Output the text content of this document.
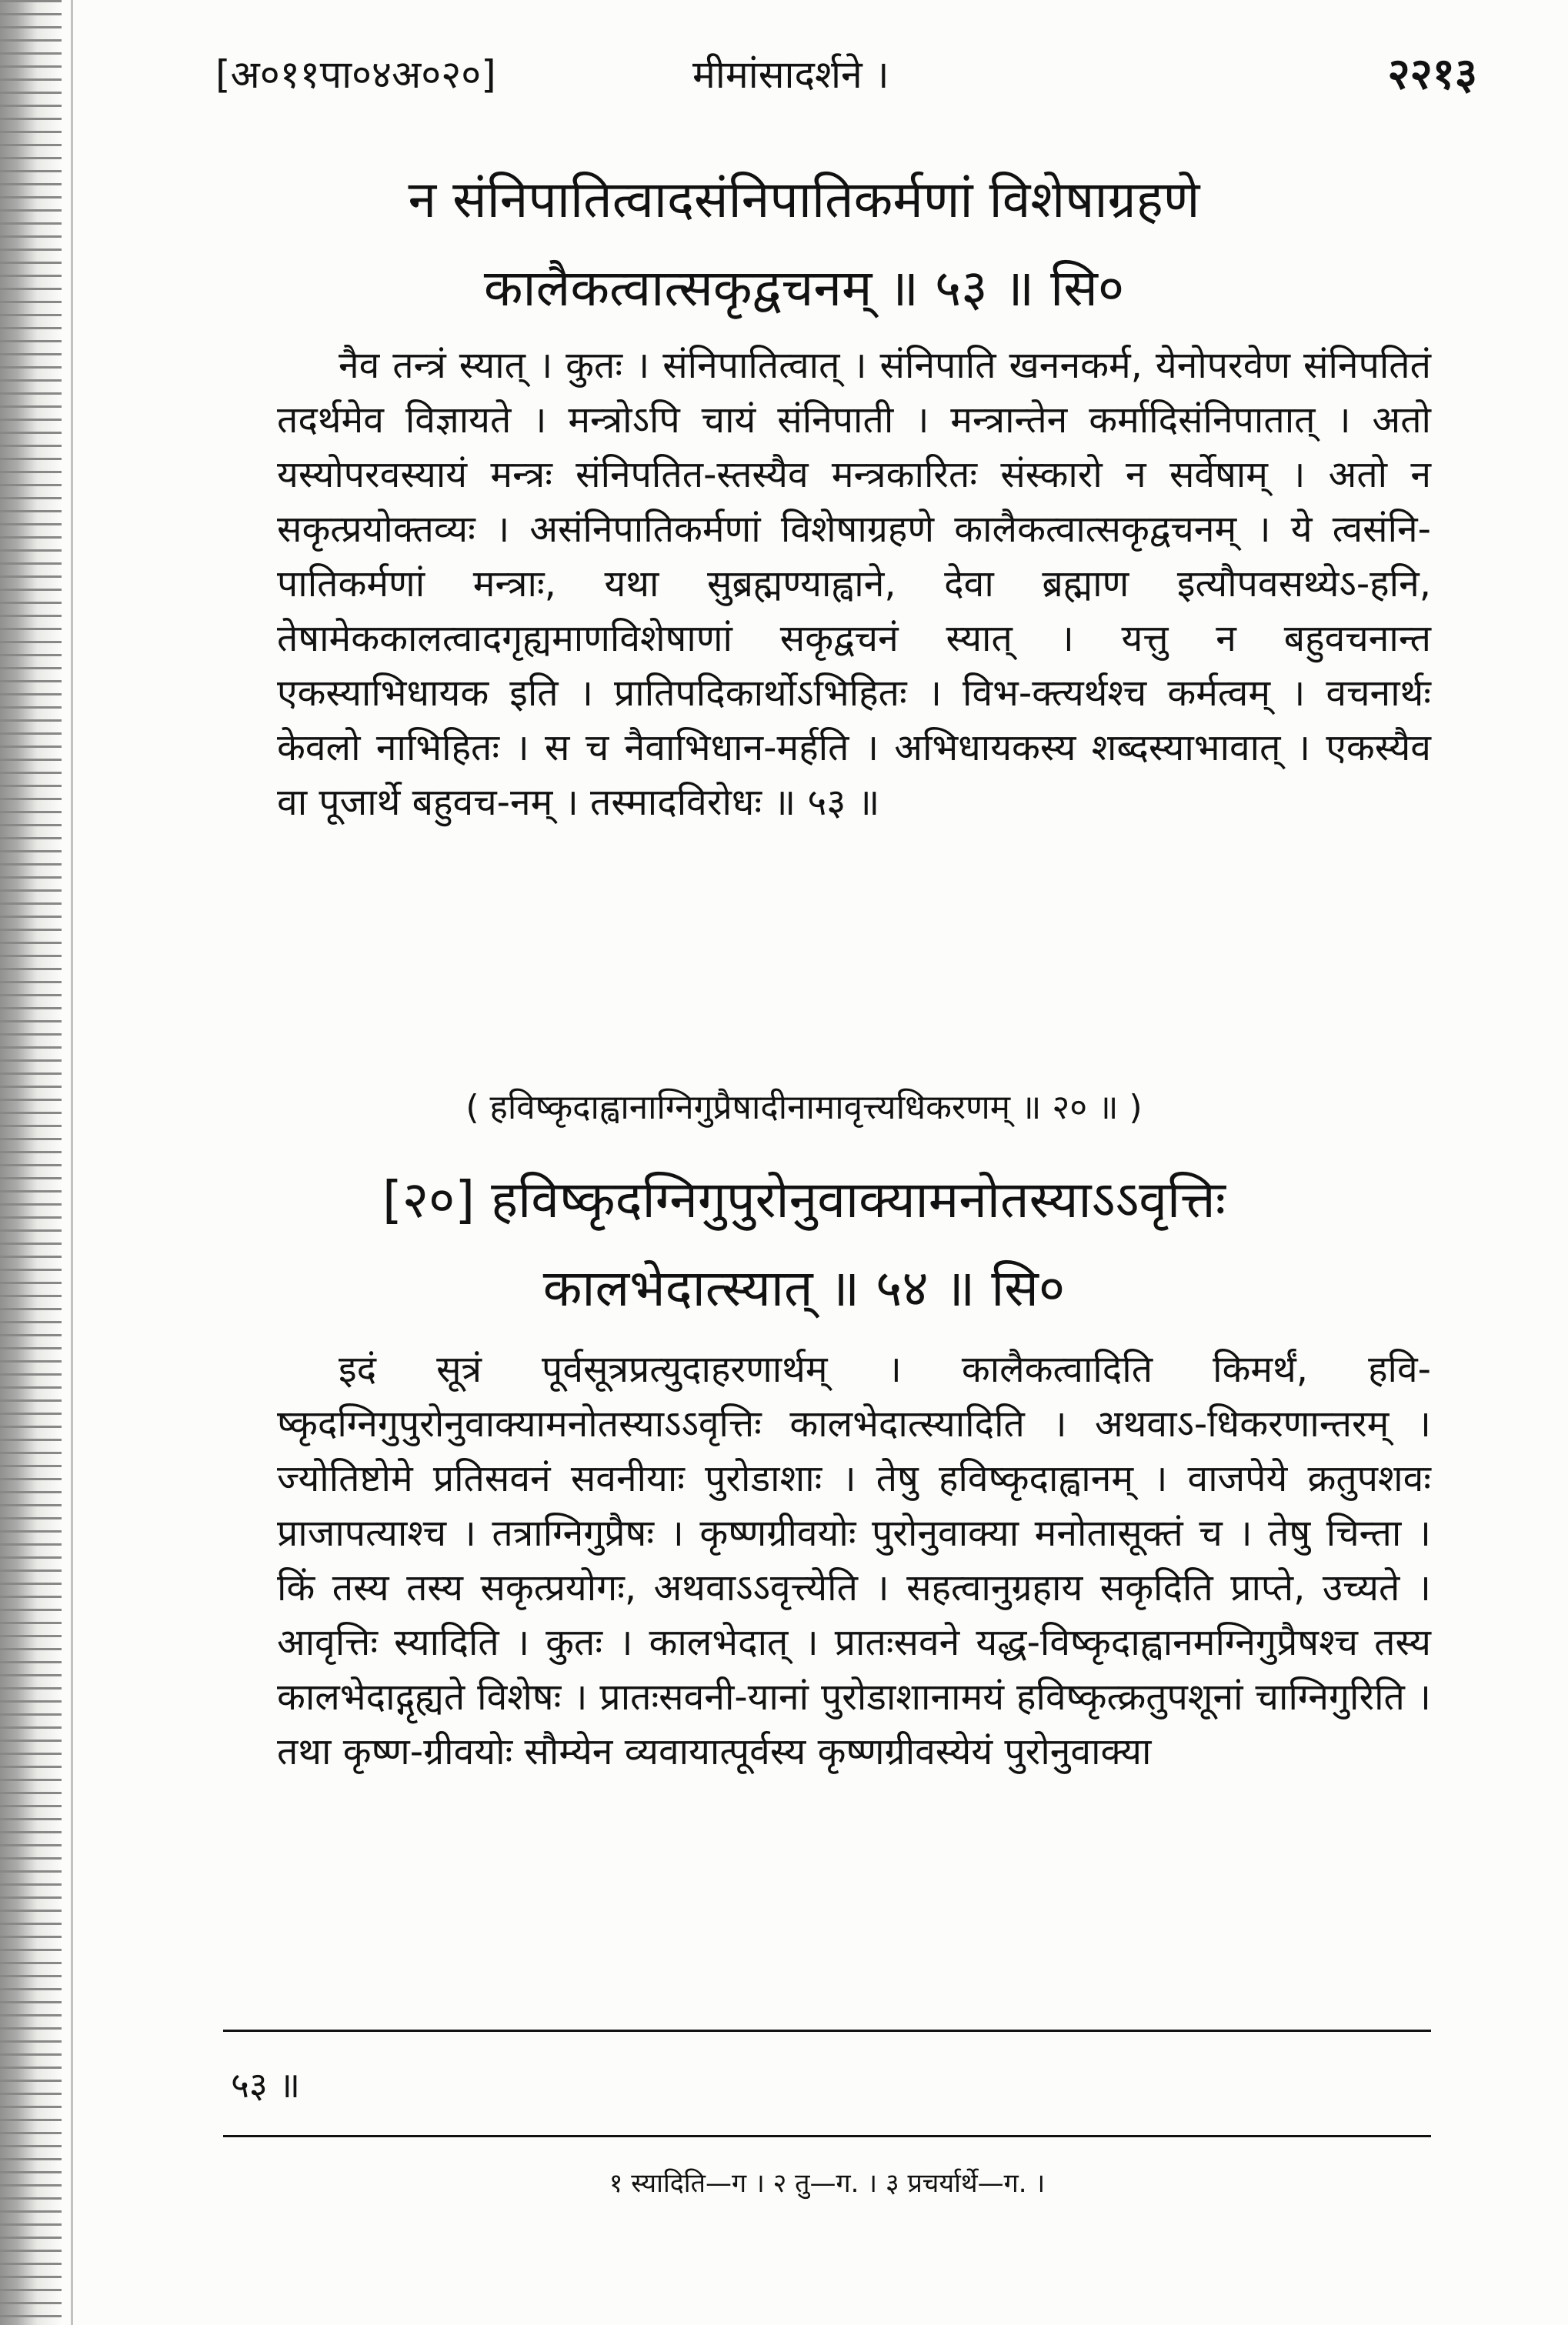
[अ०११पा०४अ०२०]	मीमांसादर्शने ।	२२१३
न संनिपातित्वादसंनिपातिकर्मणां विशेषाग्रहणे
कालैकत्वात्सकृद्वचनम् ॥ ५३ ॥ सि०
नैव तन्त्रं स्यात् । कुतः । संनिपातित्वात् । संनिपाति खननकर्म, येनोपरवेण संनिपतितं तदर्थमेव विज्ञायते । मन्त्रोऽपि चायं संनिपाती । मन्त्रान्तेन कर्मादिसंनिपातात् । अतो यस्योपरवस्यायं मन्त्रः संनिपतित-स्तस्यैव मन्त्रकारितः संस्कारो न सर्वेषाम् । अतो न सकृत्प्रयोक्तव्यः । असंनिपातिकर्मणां विशेषाग्रहणे कालैकत्वात्सकृद्वचनम् । ये त्वसंनि-पातिकर्मणां मन्त्राः, यथा सुब्रह्मण्याह्वाने, देवा ब्रह्माण इत्यौपवसथ्येऽ-हनि, तेषामेककालत्वादगृह्यमाणविशेषाणां सकृद्वचनं स्यात् । यत्तु न बहुवचनान्त एकस्याभिधायक इति । प्रातिपदिकार्थोऽभिहितः । विभ-क्त्यर्थश्च कर्मत्वम् । वचनार्थः केवलो नाभिहितः । स च नैवाभिधान-मर्हति । अभिधायकस्य शब्दस्याभावात् । एकस्यैव वा पूजार्थे बहुवच-नम् । तस्मादविरोधः ॥ ५३ ॥
( हविष्कृदाह्वानाग्निगुप्रैषादीनामावृत्त्यधिकरणम् ॥ २० ॥ )
[२०] हविष्कृदग्निगुपुरोनुवाक्यामनोतस्याऽऽवृत्तिः
कालभेदात्स्यात् ॥ ५४ ॥ सि०
इदं सूत्रं पूर्वसूत्रप्रत्युदाहरणार्थम् । कालैकत्वादिति किमर्थं, हवि-ष्कृदग्निगुपुरोनुवाक्यामनोतस्याऽऽवृत्तिः कालभेदात्स्यादिति । अथवाऽ-धिकरणान्तरम् । ज्योतिष्टोमे प्रतिसवनं सवनीयाः पुरोडाशाः । तेषु हविष्कृदाह्वानम् । वाजपेये क्रतुपशवः प्राजापत्याश्च । तत्राग्निगुप्रैषः । कृष्णग्रीवयोः पुरोनुवाक्या मनोतासूक्तं च । तेषु चिन्ता । किं तस्य तस्य सकृत्प्रयोगः, अथवाऽऽवृत्त्येति । सहत्वानुग्रहाय सकृदिति प्राप्ते, उच्यते । आवृत्तिः स्यादिति । कुतः । कालभेदात् । प्रातःसवने यद्ध-विष्कृदाह्वानमग्निगुप्रैषश्च तस्य कालभेदाद्गृह्यते विशेषः । प्रातःसवनी-यानां पुरोडाशानामयं हविष्कृत्क्रतुपशूनां चाग्निगुरिति । तथा कृष्ण-ग्रीवयोः सौम्येन व्यवायात्पूर्वस्य कृष्णग्रीवस्येयं पुरोनुवाक्या
५३ ॥
१ स्यादिति—ग । २ तु—ग. । ३ प्रचर्यार्थे—ग. ।
